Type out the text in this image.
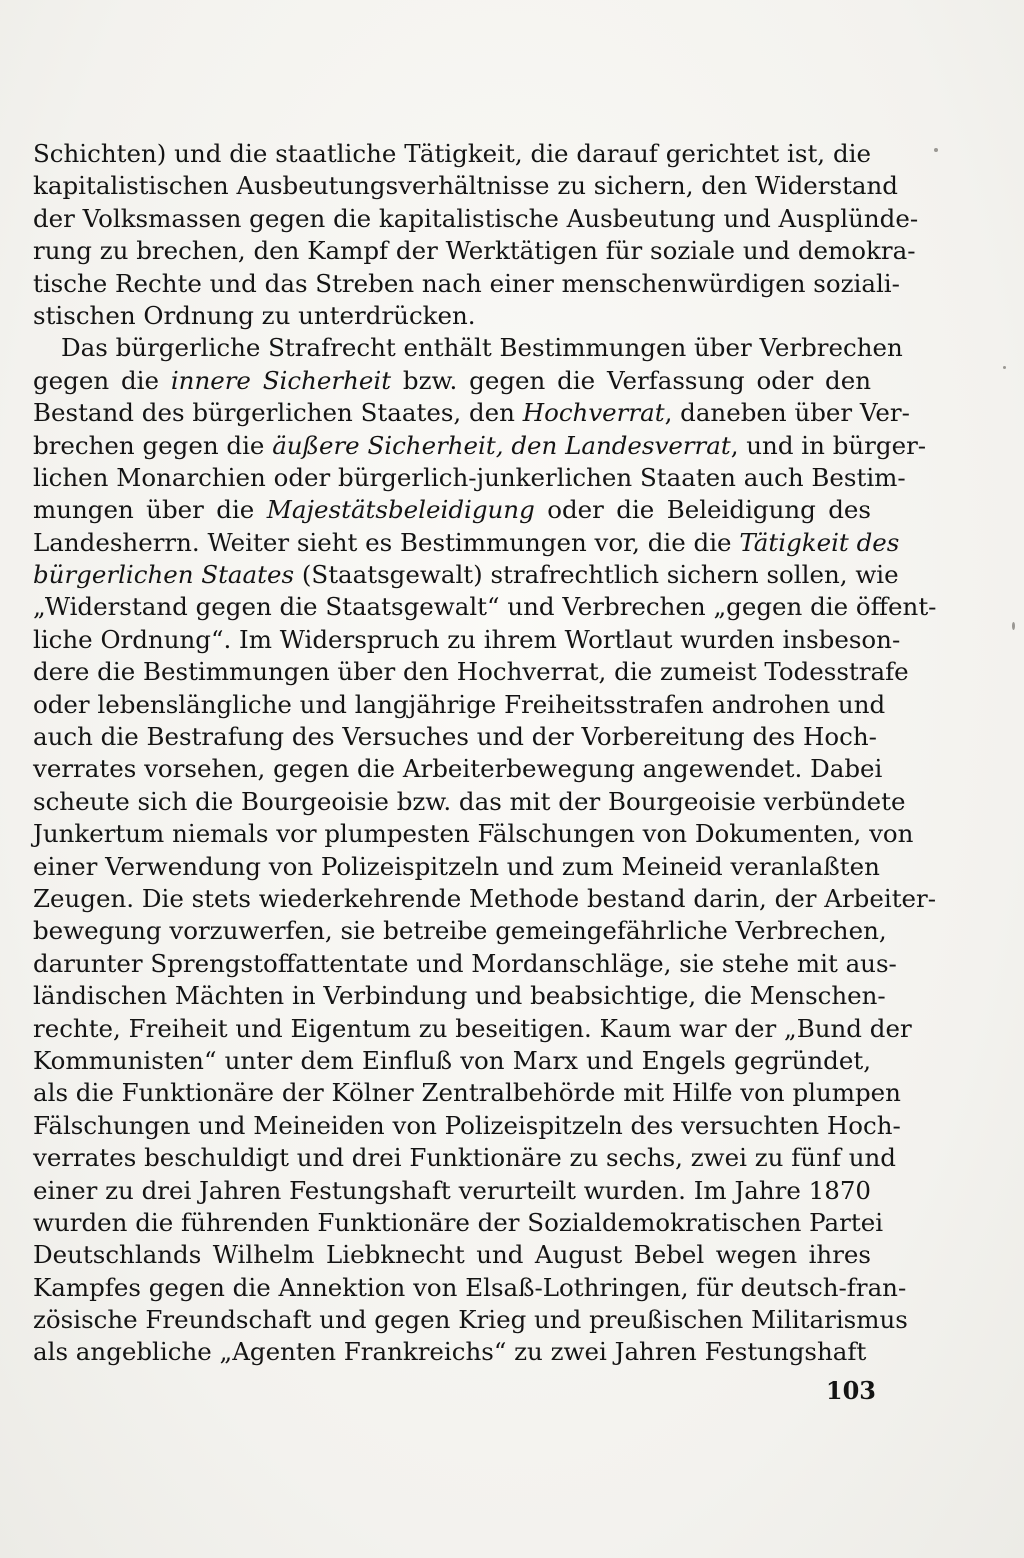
Schichten) und die staatliche Tätigkeit, die darauf gerichtet ist, die
kapitalistischen Ausbeutungsverhältnisse zu sichern, den Widerstand
der Volksmassen gegen die kapitalistische Ausbeutung und Ausplünde-
rung zu brechen, den Kampf der Werktätigen für soziale und demokra-
tische Rechte und das Streben nach einer menschenwürdigen soziali-
stischen Ordnung zu unterdrücken.
Das bürgerliche Strafrecht enthält Bestimmungen über Verbrechen
gegen die innere Sicherheit bzw. gegen die Verfassung oder den
Bestand des bürgerlichen Staates, den Hochverrat, daneben über Ver-
brechen gegen die äußere Sicherheit, den Landesverrat, und in bürger-
lichen Monarchien oder bürgerlich-junkerlichen Staaten auch Bestim-
mungen über die Majestätsbeleidigung oder die Beleidigung des
Landesherrn. Weiter sieht es Bestimmungen vor, die die Tätigkeit des
bürgerlichen Staates (Staatsgewalt) strafrechtlich sichern sollen, wie
„Widerstand gegen die Staatsgewalt“ und Verbrechen „gegen die öffent-
liche Ordnung“. Im Widerspruch zu ihrem Wortlaut wurden insbeson-
dere die Bestimmungen über den Hochverrat, die zumeist Todesstrafe
oder lebenslängliche und langjährige Freiheitsstrafen androhen und
auch die Bestrafung des Versuches und der Vorbereitung des Hoch-
verrates vorsehen, gegen die Arbeiterbewegung angewendet. Dabei
scheute sich die Bourgeoisie bzw. das mit der Bourgeoisie verbündete
Junkertum niemals vor plumpesten Fälschungen von Dokumenten, von
einer Verwendung von Polizeispitzeln und zum Meineid veranlaßten
Zeugen. Die stets wiederkehrende Methode bestand darin, der Arbeiter-
bewegung vorzuwerfen, sie betreibe gemeingefährliche Verbrechen,
darunter Sprengstoffattentate und Mordanschläge, sie stehe mit aus-
ländischen Mächten in Verbindung und beabsichtige, die Menschen-
rechte, Freiheit und Eigentum zu beseitigen. Kaum war der „Bund der
Kommunisten“ unter dem Einfluß von Marx und Engels gegründet,
als die Funktionäre der Kölner Zentralbehörde mit Hilfe von plumpen
Fälschungen und Meineiden von Polizeispitzeln des versuchten Hoch-
verrates beschuldigt und drei Funktionäre zu sechs, zwei zu fünf und
einer zu drei Jahren Festungshaft verurteilt wurden. Im Jahre 1870
wurden die führenden Funktionäre der Sozialdemokratischen Partei
Deutschlands Wilhelm Liebknecht und August Bebel wegen ihres
Kampfes gegen die Annektion von Elsaß-Lothringen, für deutsch-fran-
zösische Freundschaft und gegen Krieg und preußischen Militarismus
als angebliche „Agenten Frankreichs“ zu zwei Jahren Festungshaft
103
